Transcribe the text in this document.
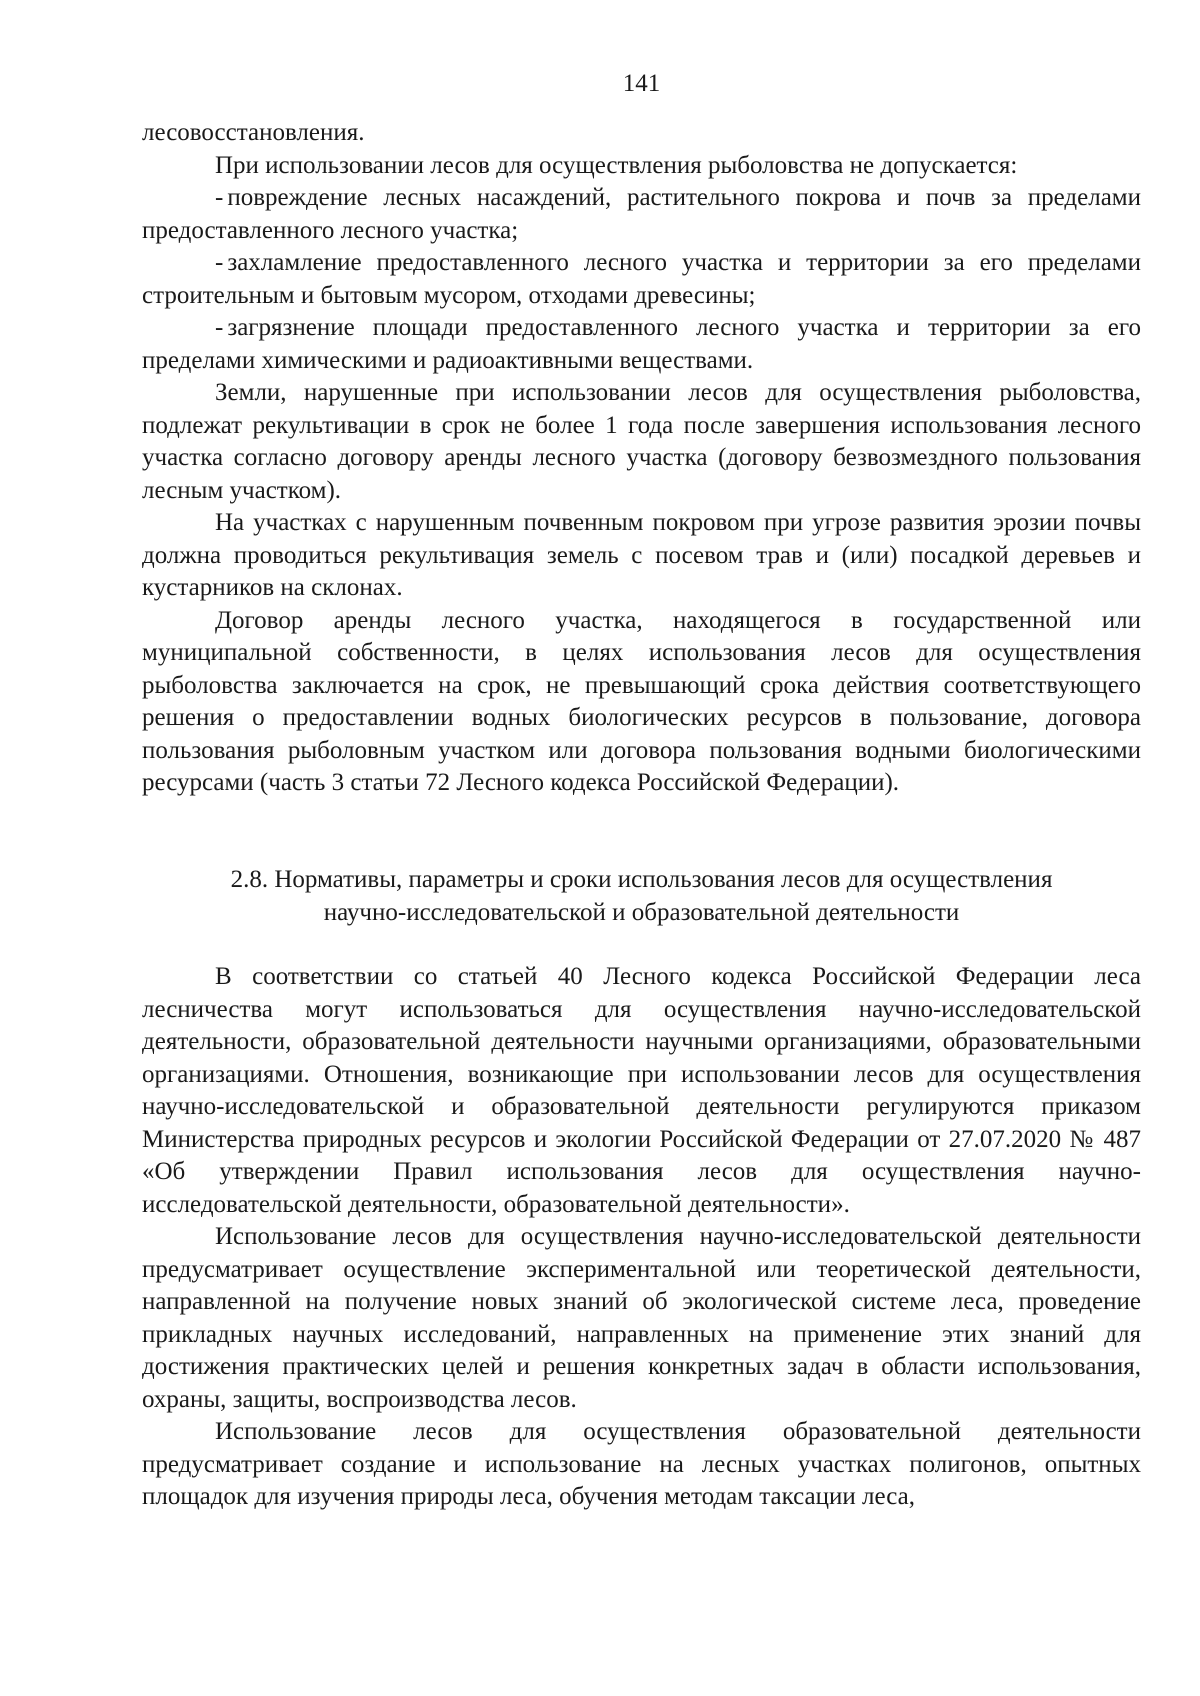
141

лесовосстановления.

При использовании лесов для осуществления рыболовства не допускается:

- повреждение лесных насаждений, растительного покрова и почв за пределами предоставленного лесного участка;

- захламление предоставленного лесного участка и территории за его пределами строительным и бытовым мусором, отходами древесины;

- загрязнение площади предоставленного лесного участка и территории за его пределами химическими и радиоактивными веществами.

Земли, нарушенные при использовании лесов для осуществления рыболовства, подлежат рекультивации в срок не более 1 года после завершения использования лесного участка согласно договору аренды лесного участка (договору безвозмездного пользования лесным участком).

На участках с нарушенным почвенным покровом при угрозе развития эрозии почвы должна проводиться рекультивация земель с посевом трав и (или) посадкой деревьев и кустарников на склонах.

Договор аренды лесного участка, находящегося в государственной или муниципальной собственности, в целях использования лесов для осуществления рыболовства заключается на срок, не превышающий срока действия соответствующего решения о предоставлении водных биологических ресурсов в пользование, договора пользования рыболовным участком или договора пользования водными биологическими ресурсами (часть 3 статьи 72 Лесного кодекса Российской Федерации).

2.8. Нормативы, параметры и сроки использования лесов для осуществления
научно-исследовательской и образовательной деятельности

В соответствии со статьей 40 Лесного кодекса Российской Федерации леса лесничества могут использоваться для осуществления научно-исследовательской деятельности, образовательной деятельности научными организациями, образовательными организациями. Отношения, возникающие при использовании лесов для осуществления научно-исследовательской и образовательной деятельности регулируются приказом Министерства природных ресурсов и экологии Российской Федерации от 27.07.2020 № 487 «Об утверждении Правил использования лесов для осуществления научно-исследовательской деятельности, образовательной деятельности».

Использование лесов для осуществления научно-исследовательской деятельности предусматривает осуществление экспериментальной или теоретической деятельности, направленной на получение новых знаний об экологической системе леса, проведение прикладных научных исследований, направленных на применение этих знаний для достижения практических целей и решения конкретных задач в области использования, охраны, защиты, воспроизводства лесов.

Использование лесов для осуществления образовательной деятельности предусматривает создание и использование на лесных участках полигонов, опытных площадок для изучения природы леса, обучения методам таксации леса,
